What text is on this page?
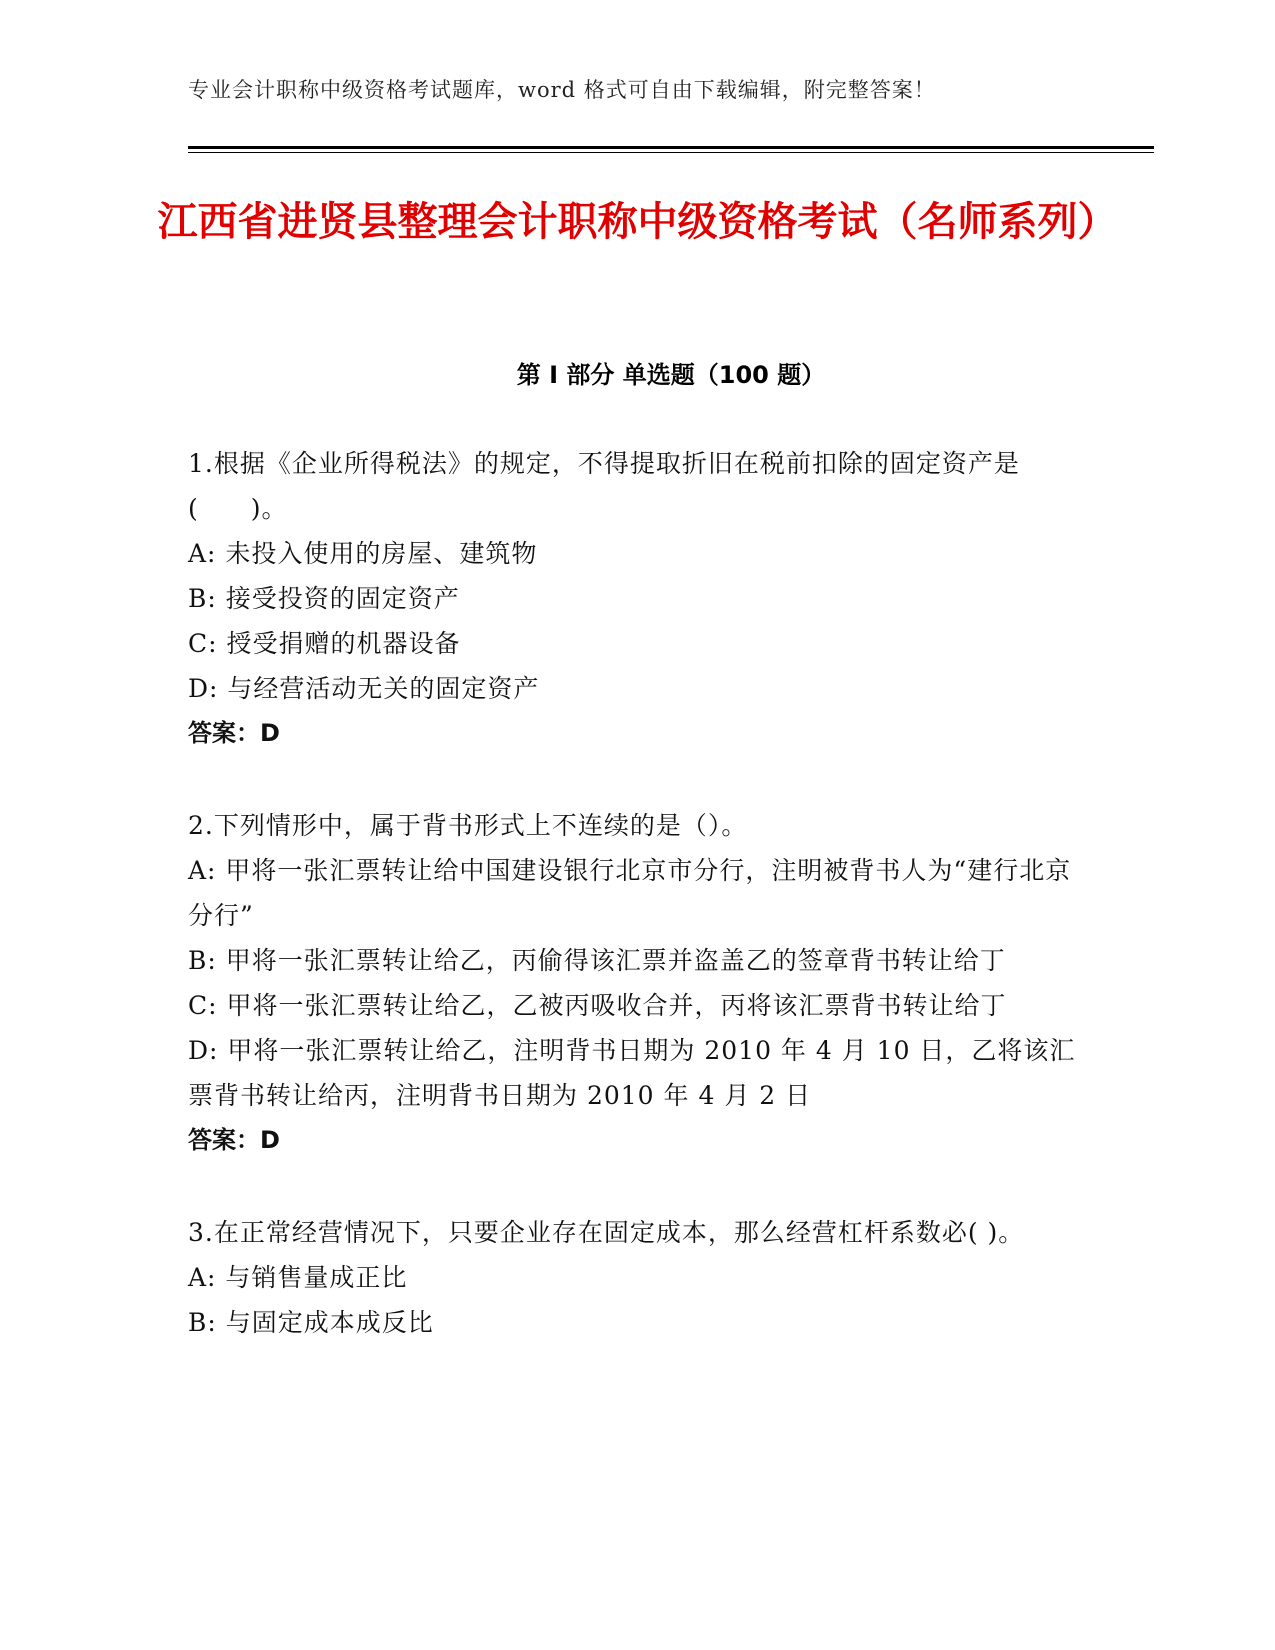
专业会计职称中级资格考试题库，word 格式可自由下载编辑，附完整答案！
江西省进贤县整理会计职称中级资格考试（名师系列）
第 I 部分 单选题（100 题）

1.根据《企业所得税法》的规定，不得提取折旧在税前扣除的固定资产是(　　)。

A: 未投入使用的房屋、建筑物

B: 接受投资的固定资产

C: 授受捐赠的机器设备

D: 与经营活动无关的固定资产

答案：D

2.下列情形中，属于背书形式上不连续的是（）。

A: 甲将一张汇票转让给中国建设银行北京市分行，注明被背书人为“建行北京分行”

B: 甲将一张汇票转让给乙，丙偷得该汇票并盗盖乙的签章背书转让给丁

C: 甲将一张汇票转让给乙，乙被丙吸收合并，丙将该汇票背书转让给丁

D: 甲将一张汇票转让给乙，注明背书日期为 2010 年 4 月 10 日，乙将该汇票背书转让给丙，注明背书日期为 2010 年 4 月 2 日

答案：D

3.在正常经营情况下，只要企业存在固定成本，那么经营杠杆系数必( )。

A: 与销售量成正比

B: 与固定成本成反比
